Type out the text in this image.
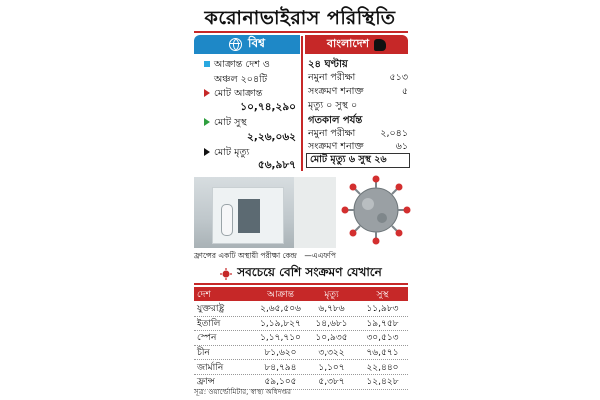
করোনাভাইরাস পরিস্থিতি
বিশ্ব
আক্রান্ত দেশ ও অঞ্চল ২০৪টি
মোট আক্রান্ত
১০,৭৪,২৯০
মোট সুস্থ
২,২৬,০৬২
মোট মৃত্যু
৫৬,৯৮৭
বাংলাদেশ
২৪ ঘণ্টায়
নমুনা পরীক্ষা	৫১৩
সংক্রমণ শনাক্ত	৫
মৃত্যু ০ সুস্থ ০
গতকাল পর্যন্ত
নমুনা পরীক্ষা	২,০৪১
সংক্রমণ শনাক্ত	৬১
মোট মৃত্যু ৬ সুস্থ ২৬
ফ্রান্সের একটি অস্থায়ী পরীক্ষা কেন্দ্র —এএফপি
সবচেয়ে বেশি সংক্রমণ যেখানে
দেশ	আক্রান্ত	মৃত্যু	সুস্থ
যুক্তরাষ্ট্র	২,৬৫,৫০৬	৬,৭৮৬	১১,৯৮৩
ইতালি	১,১৯,৮২৭	১৪,৬৮১	১৯,৭৫৮
স্পেন	১,১৭,৭১০	১০,৯৩৫	৩০,৫১৩
চীন	৮১,৬২০	৩,৩২২	৭৬,৫৭১
জার্মানি	৮৪,৭৯৪	১,১০৭	২২,৪৪০
ফ্রান্স	৫৯,১০৫	৫,৩৮৭	১২,৪২৮
সূত্র: ওয়ার্ল্ডোমিটার, স্বাস্থ্য অধিদপ্তর
